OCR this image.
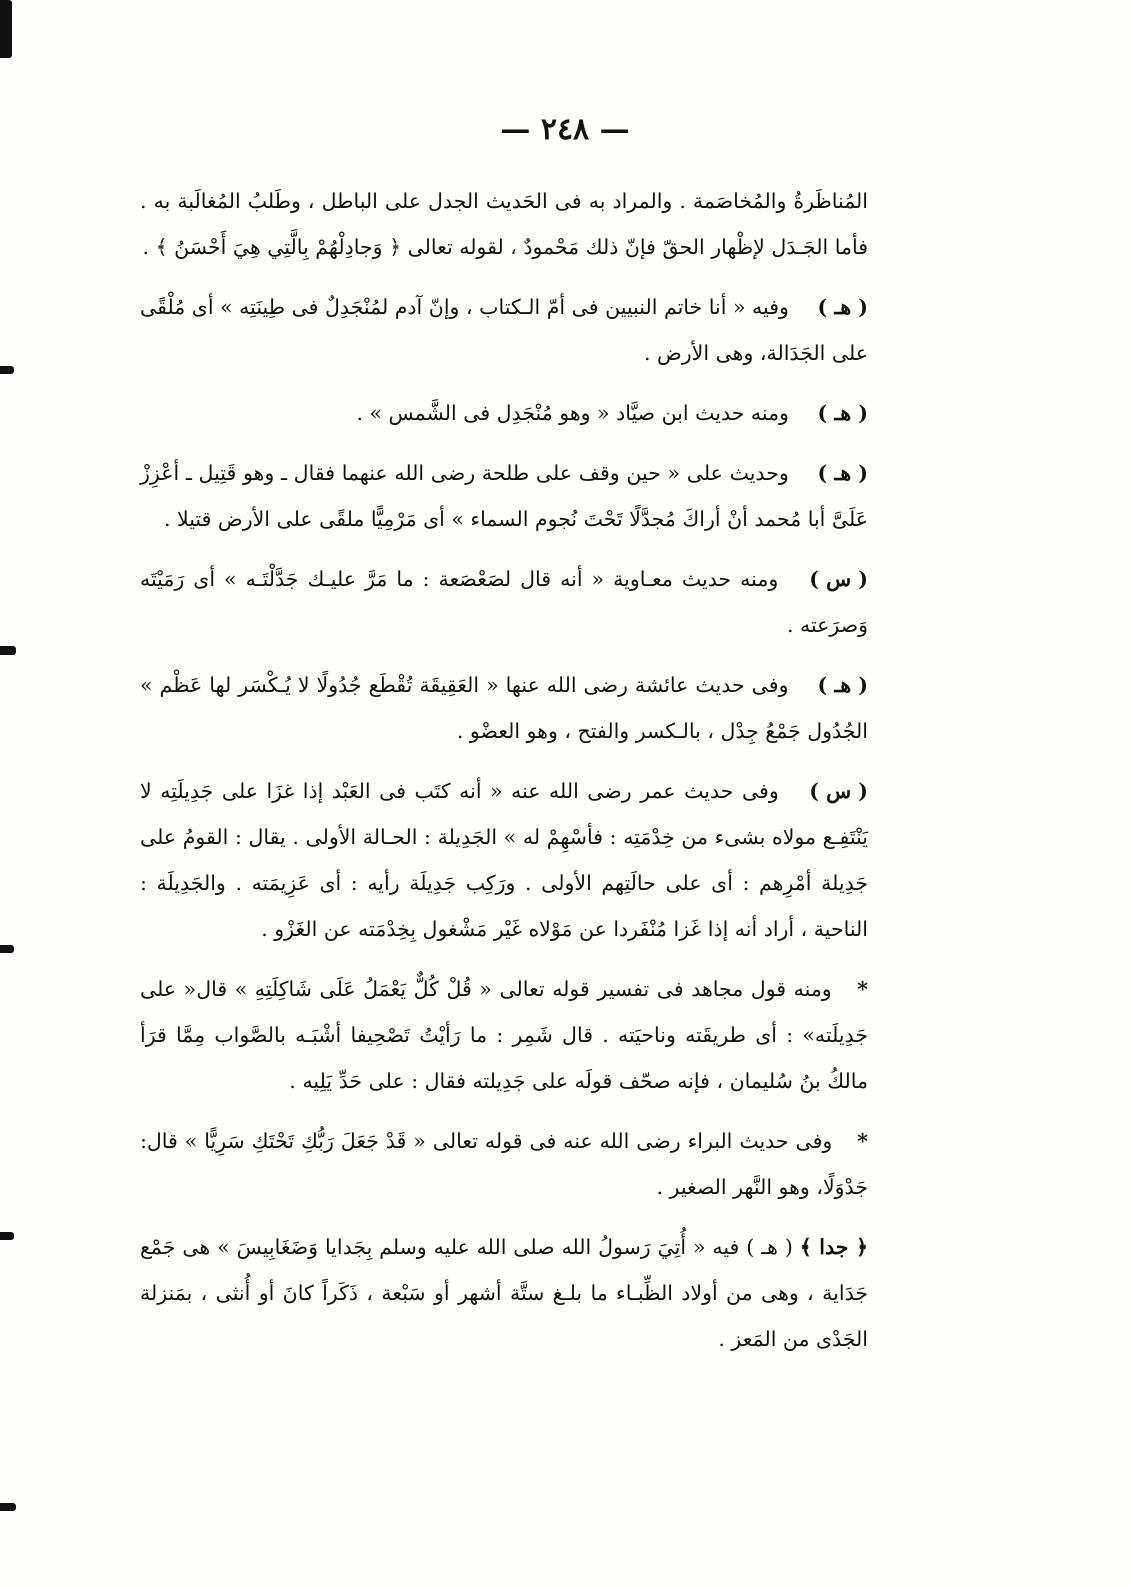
— ٢٤٨ —

المُناظَرةُ والمُخاصَمة . والمراد به فى الحَديث الجدل على الباطل ، وطَلبُ المُغالَبة به . فأما الجَـدَل لإظْهار الحقّ فإنّ ذلك مَحْمودٌ ، لقوله تعالى ﴿ وَجادِلْهُمْ بِالَّتِي هِيَ أَحْسَنُ ﴾ .

( هـ ) وفيه « أنا خاتم النبيين فى أمّ الـكتاب ، وإنّ آدم لمُنْجَدِلٌ فى طِينَتِه » أى مُلْقًى على الجَدَالة، وهى الأرض .

( هـ ) ومنه حديث ابن صيَّاد « وهو مُنْجَدِل فى الشَّمس » .

( هـ ) وحديث على « حين وقف على طلحة رضى الله عنهما فقال ـ وهو قَتِيل ـ أعْزِزْ عَلَىَّ أبا مُحمد أنْ أراكَ مُجدَّلًا تَحْتَ نُجوم السماء » أى مَرْمِيًّا ملقًى على الأرض قتيلا .

( س ) ومنه حديث معـاوية « أنه قال لصَعْصَعة : ما مَرَّ عليـك جَدَّلْتَـه » أى رَمَيْتَه وَصرَعته .

( هـ ) وفى حديث عائشة رضى الله عنها « العَقِيقَة تُقْطَع جُدُولًا لا يُـكْسَر لها عَظْم » الجُدُول جَمْعُ جِدْل ، بالـكسر والفتح ، وهو العضْو .

( س ) وفى حديث عمر رضى الله عنه « أنه كتَب فى العَبْد إذا غزَا على جَدِيلَتِه لا يَنْتَفِـع مولاه بشىء من خِدْمَتِه : فأسْهِمْ له » الجَدِيلة : الحـالة الأولى . يقال : القومُ على جَدِيلة أمْرِهم : أى على حالَتِهم الأولى . ورَكِب جَدِيلَة رأيه : أى عَزِيمَته . والجَدِيلَة : الناحية ، أراد أنه إذا غَزا مُنْفَردا عن مَوْلاه غَيْر مَشْغول بِخِدْمَته عن الغَزْو .

* ومنه قول مجاهد فى تفسير قوله تعالى « قُلْ كُلٌّ يَعْمَلُ عَلَى شَاكِلَتِهِ » قال« على جَدِيلَته» : أى طريقَته وناحيَته . قال شَمِر : ما رَأيْتُ تَصْحِيفا أشْبَـه بالصَّواب مِمَّا قرَأ مالكُ بنُ سُليمان ، فإنه صحّف قولَه على جَدِيلته فقال : على حَدِّ يَلِيه .

* وفى حديث البراء رضى الله عنه فى قوله تعالى « قَدْ جَعَلَ رَبُّكِ تَحْتَكِ سَرِيًّا » قال: جَدْوَلًا، وهو النَّهر الصغير .

﴿ جدا ﴾ ( هـ ) فيه « أُتِيَ رَسولُ الله صلى الله عليه وسلم بِجَدايا وَضَغَابِيسَ » هى جَمْع جَدَاية ، وهى من أولاد الظِّبـاء ما بلـغ ستَّة أشهر أو سَبْعة ، ذَكَراً كانَ أو أُنثى ، بمَنزلة الجَدْى من المَعز .
